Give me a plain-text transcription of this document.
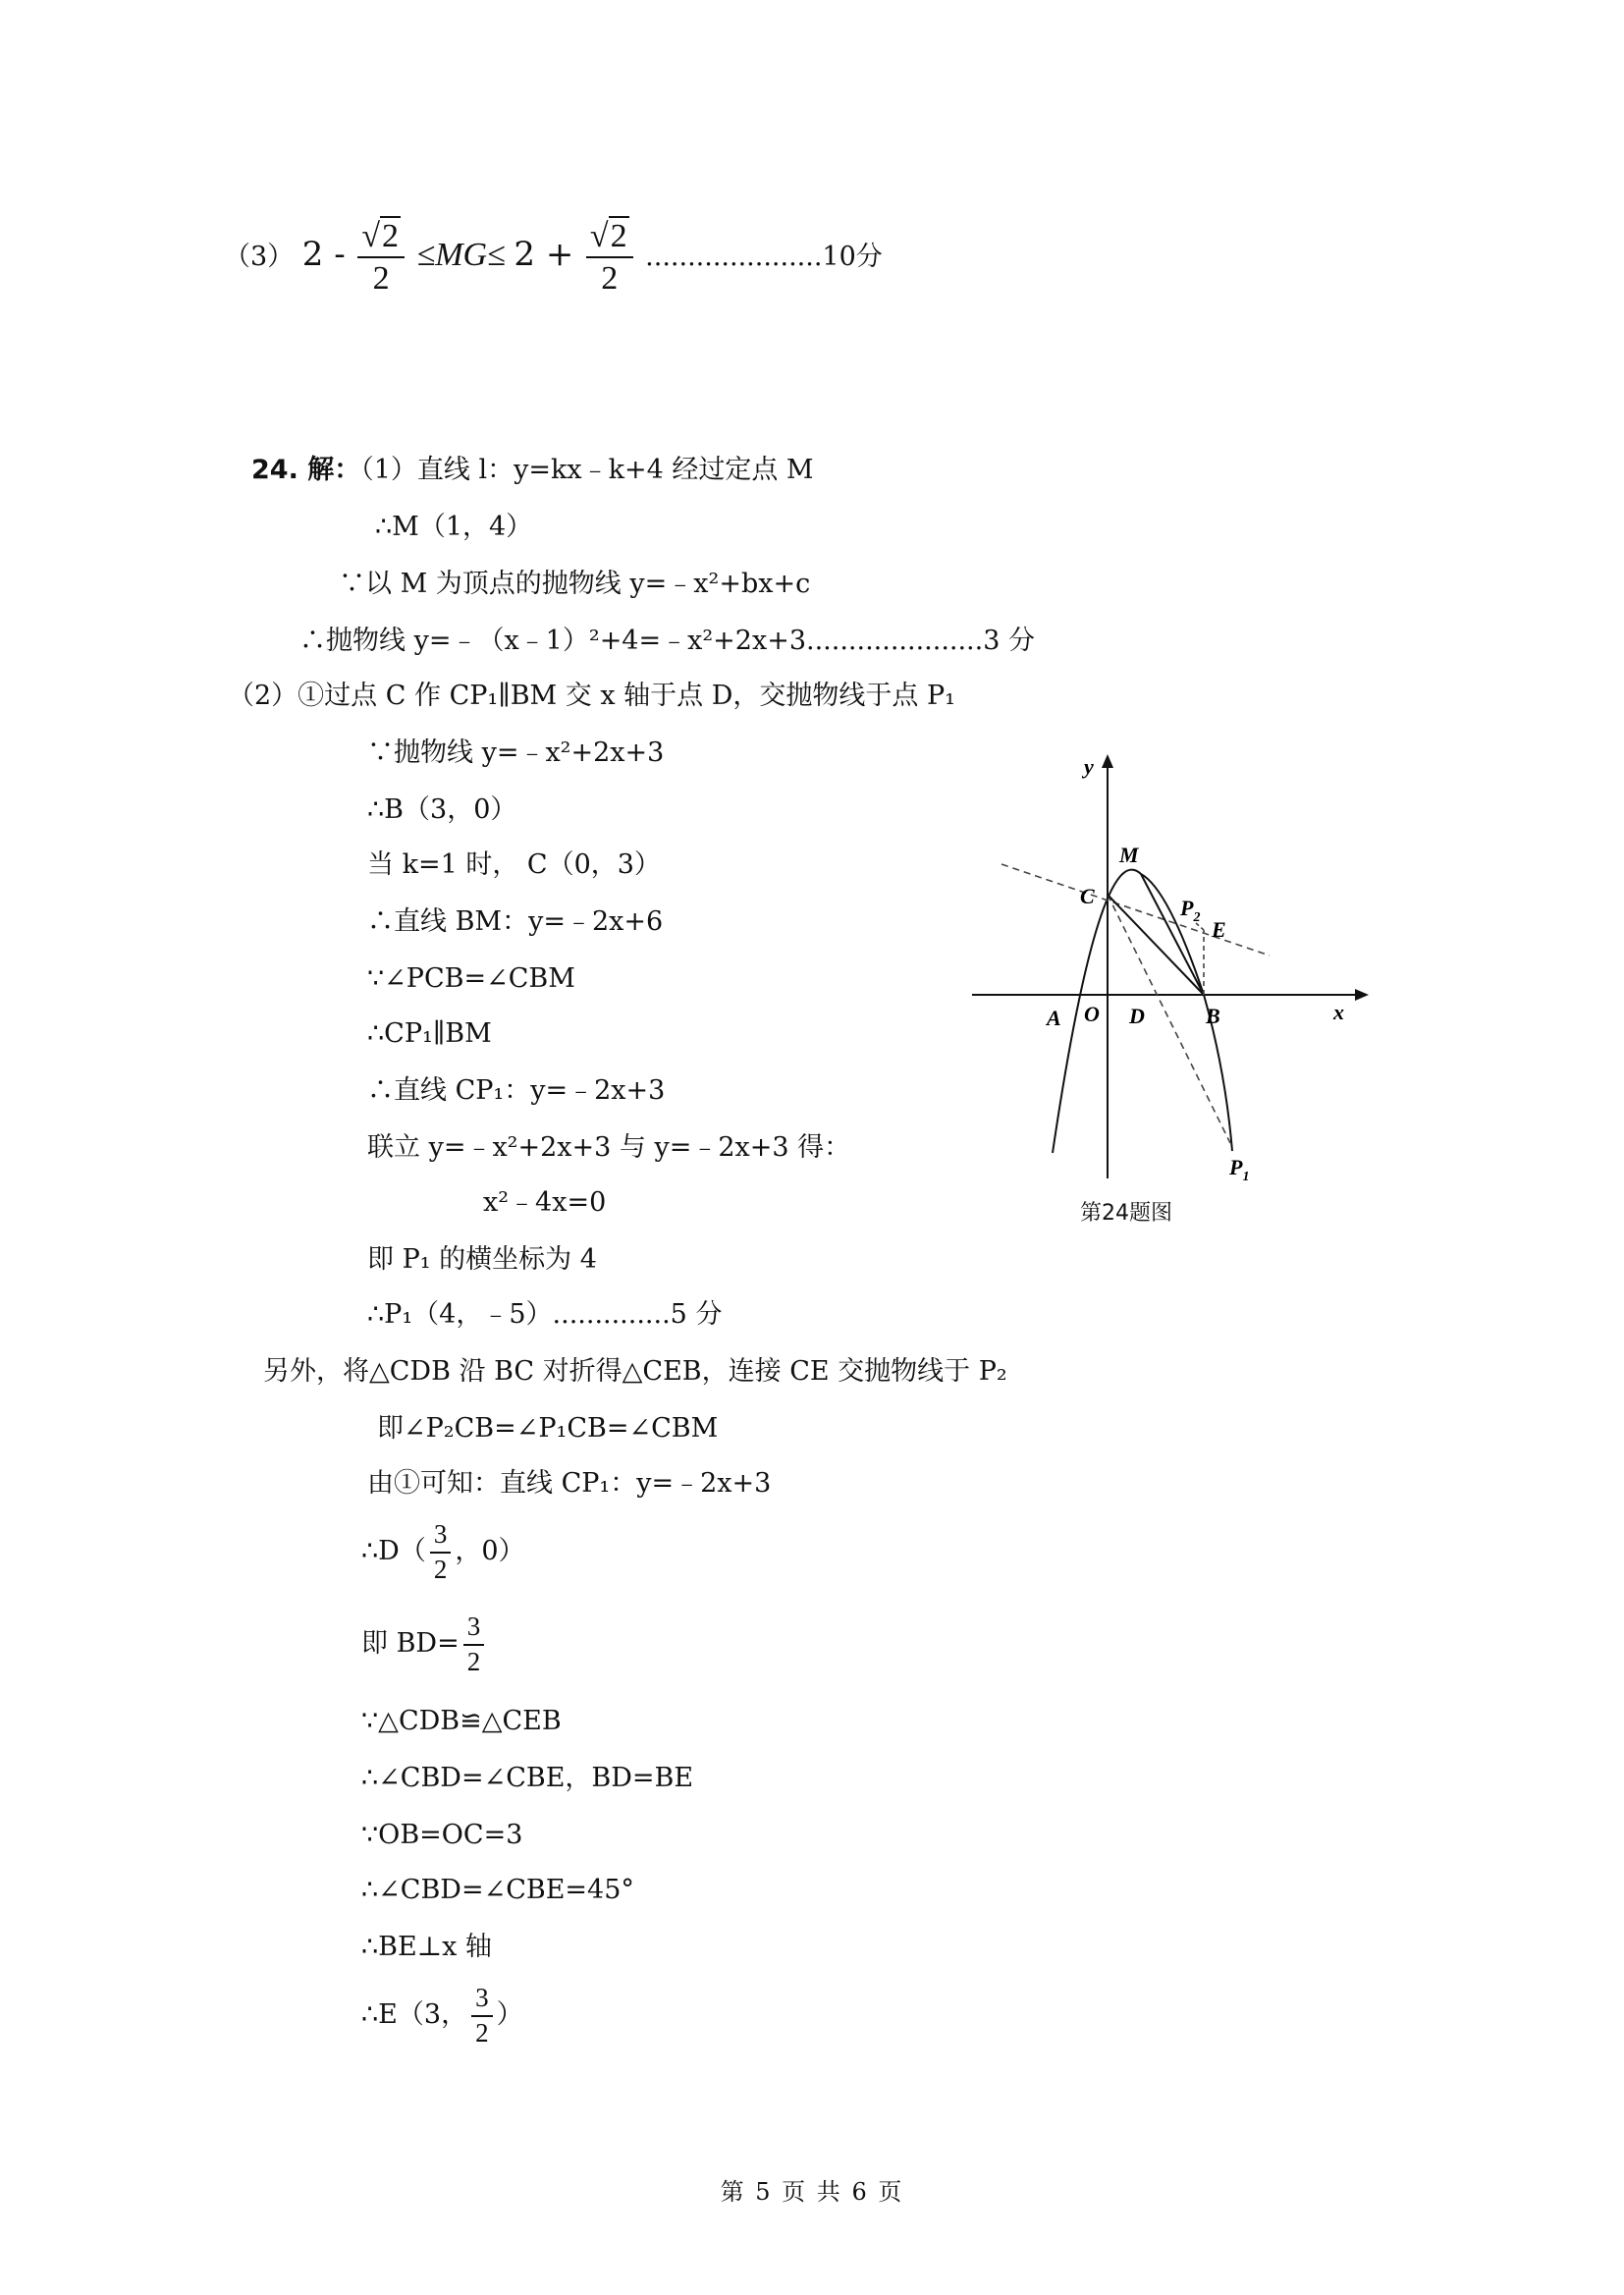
（3） $2 - \frac{√2}{2} \le MG\le 2 + \frac{√2}{2} .....................10$分
24. 解：（1）直线 l：y=kx﹣k+4 经过定点 M
∴M（1，4）
∵以 M 为顶点的抛物线 y=﹣x²+bx+c
∴抛物线 y=﹣（x﹣1）²+4=﹣x²+2x+3.....................3 分
（2）①过点 C 作 CP₁∥BM 交 x 轴于点 D，交抛物线于点 P₁
∵抛物线 y=﹣x²+2x+3
∴B（3，0）
当 k=1 时， C（0，3）
∴直线 BM：y=﹣2x+6
∵∠PCB=∠CBM
∴CP₁∥BM
∴直线 CP₁：y=﹣2x+3
联立 y=﹣x²+2x+3 与 y=﹣2x+3 得：
x²﹣4x=0
即 P₁ 的横坐标为 4
∴P₁（4，﹣5）..............5 分
另外，将△CDB 沿 BC 对折得△CEB，连接 CE 交抛物线于 P₂
即∠P₂CB=∠P₁CB=∠CBM
由①可知：直线 CP₁：y=﹣2x+3
∴D（ $\frac{3}{2}$ ，0）
即 $BD= \frac{3}{2}$
∵△CDB≌△CEB
∴∠CBD=∠CBE，BD=BE
∵OB=OC=3
∴∠CBD=∠CBE=45°
∴BE⊥x 轴
∴E（3， $\frac{3}{2}$ ）
y
x
M
C	$P_2$ E
A O D	B
$P_1$
第24题图
第 5 页 共 6 页
